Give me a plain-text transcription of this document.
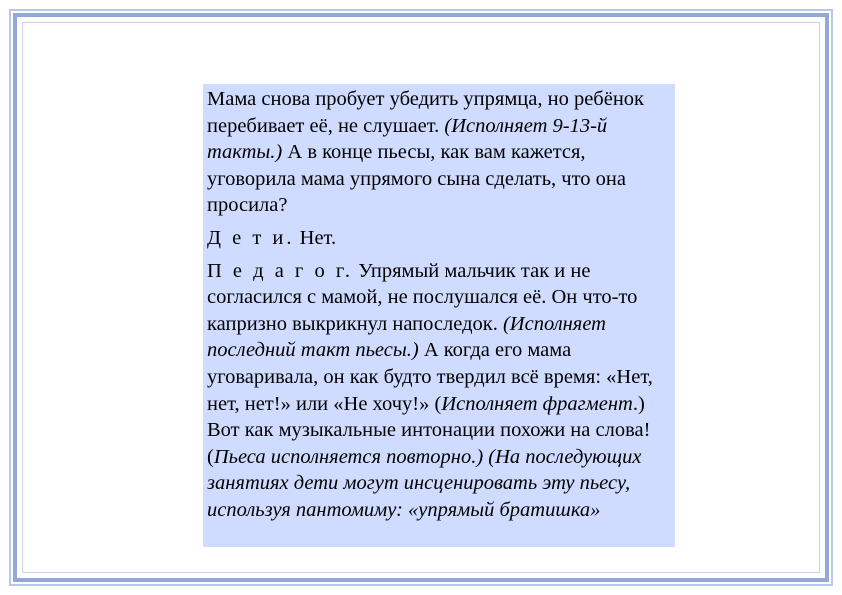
Мама снова пробует убедить упрямца, но ребёнок перебивает её, не слушает. (Исполняет 9-13-й такты.) А в конце пьесы, как вам кажется, уговорила мама упрямого сына сделать, что она просила?

Д е т и. Нет.

П е д а г о г. Упрямый мальчик так и не согласился с мамой, не послушался её. Он что-то капризно выкрикнул напоследок. (Исполняет последний такт пьесы.) А когда его мама уговаривала, он как будто твердил всё время: «Нет, нет, нет!» или «Не хочу!» (Исполняет фрагмент.) Вот как музыкальные интонации похожи на слова! (Пьеса исполняется повторно.) (На последующих занятиях дети могут инсценировать эту пьесу, используя пантомиму: «упрямый братишка»
